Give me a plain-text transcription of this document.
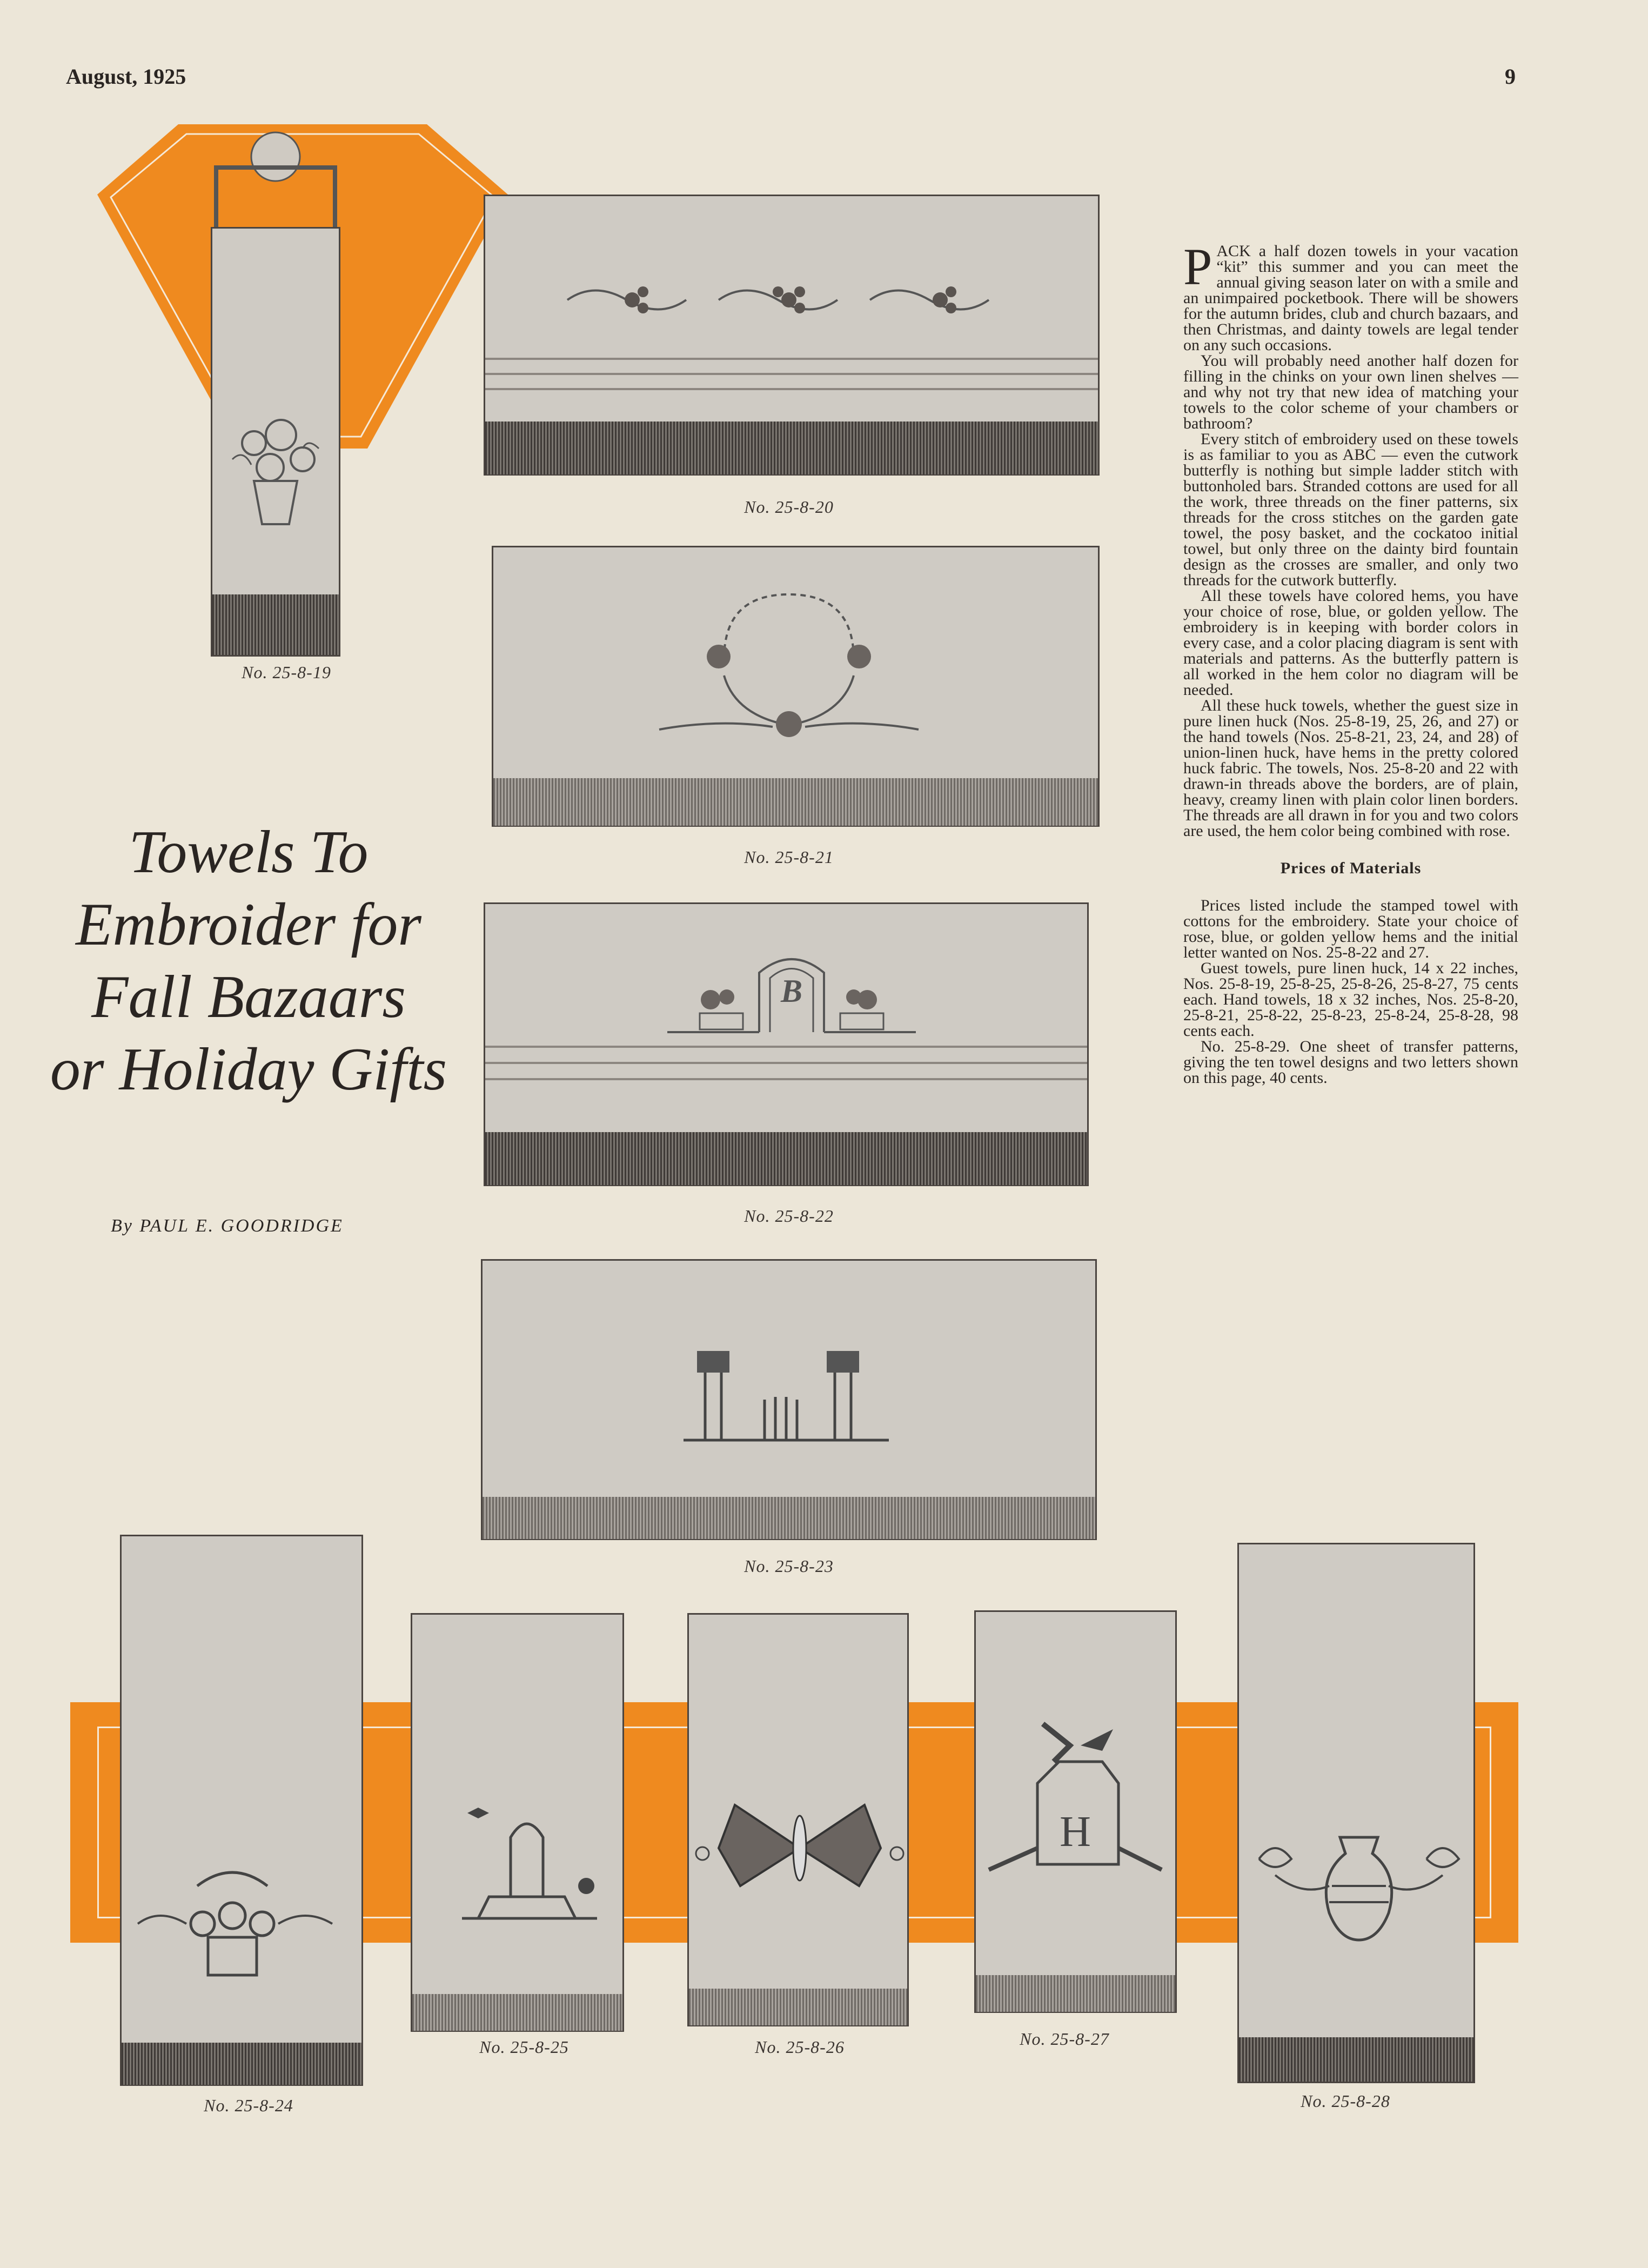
August, 1925	9
No. 25-8-19
No. 25-8-20
No. 25-8-21
B
No. 25-8-22
No. 25-8-23
Towels To
Embroider for
Fall Bazaars
or Holiday Gifts
By PAUL E. GOODRIDGE

PACK a half dozen towels in your vacation “kit” this summer and you can meet the annual giving season later on with a smile and an unimpaired pocketbook. There will be showers for the autumn brides, club and church bazaars, and then Christmas, and dainty towels are legal tender on any such occasions.

You will probably need another half dozen for filling in the chinks on your own linen shelves — and why not try that new idea of matching your towels to the color scheme of your chambers or bathroom?

Every stitch of embroidery used on these towels is as familiar to you as ABC — even the cutwork butterfly is nothing but simple ladder stitch with buttonholed bars. Stranded cottons are used for all the work, three threads on the finer patterns, six threads for the cross stitches on the garden gate towel, the posy basket, and the cockatoo initial towel, but only three on the dainty bird fountain design as the crosses are smaller, and only two threads for the cutwork butterfly.

All these towels have colored hems, you have your choice of rose, blue, or golden yellow. The embroidery is in keeping with border colors in every case, and a color placing diagram is sent with materials and patterns. As the butterfly pattern is all worked in the hem color no diagram will be needed.

All these huck towels, whether the guest size in pure linen huck (Nos. 25-8-19, 25, 26, and 27) or the hand towels (Nos. 25-8-21, 23, 24, and 28) of union-linen huck, have hems in the pretty colored huck fabric. The towels, Nos. 25-8-20 and 22 with drawn-in threads above the borders, are of plain, heavy, creamy linen with plain color linen borders. The threads are all drawn in for you and two colors are used, the hem color being combined with rose.

Prices of Materials

Prices listed include the stamped towel with cottons for the embroidery. State your choice of rose, blue, or golden yellow hems and the initial letter wanted on Nos. 25-8-22 and 27.

Guest towels, pure linen huck, 14 x 22 inches, Nos. 25-8-19, 25-8-25, 25-8-26, 25-8-27, 75 cents each. Hand towels, 18 x 32 inches, Nos. 25-8-20, 25-8-21, 25-8-22, 25-8-23, 25-8-24, 25-8-28, 98 cents each.

No. 25-8-29. One sheet of transfer patterns, giving the ten towel designs and two letters shown on this page, 40 cents.

No. 25-8-24
No. 25-8-25	No. 25-8-26
H
No. 25-8-27
No. 25-8-28
